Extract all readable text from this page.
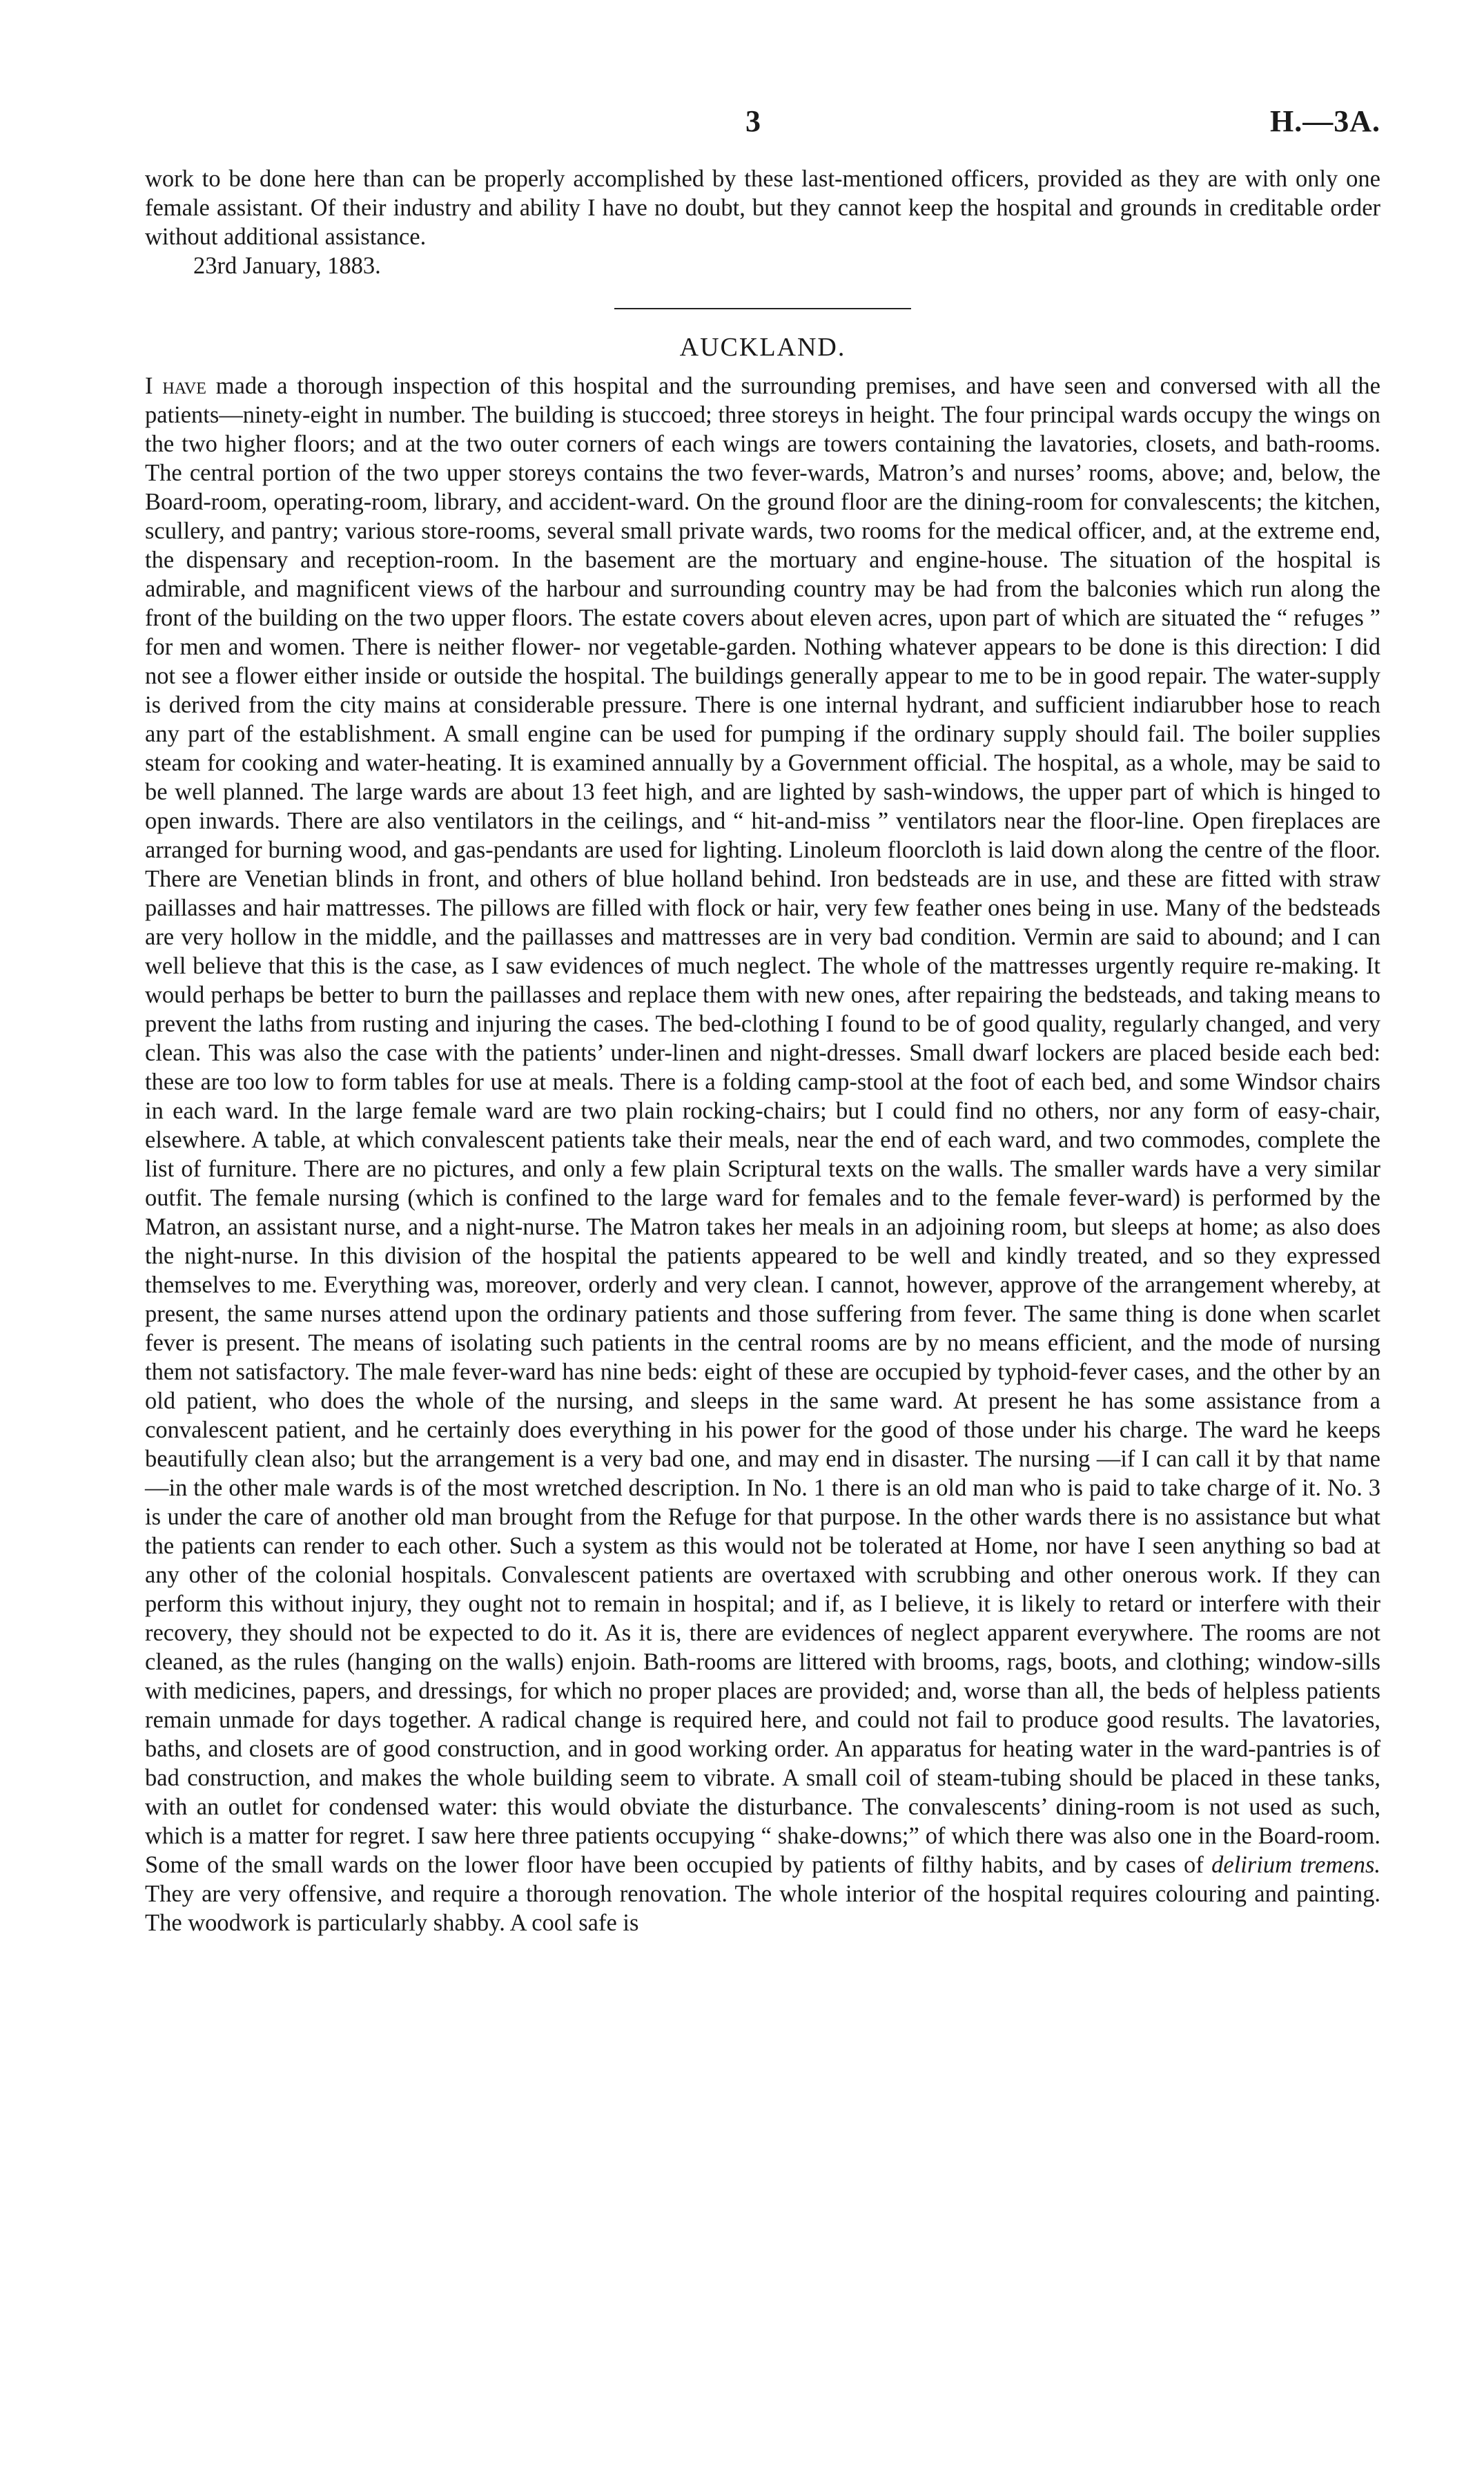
3	H.—3A.

work to be done here than can be properly accomplished by these last-mentioned officers, provided as they are with only one female assistant. Of their industry and ability I have no doubt, but they cannot keep the hospital and grounds in creditable order without additional assistance.

23rd January, 1883.

AUCKLAND.

I have made a thorough inspection of this hospital and the surrounding premises, and have seen and conversed with all the patients—ninety-eight in number. The building is stuccoed; three storeys in height. The four principal wards occupy the wings on the two higher floors; and at the two outer corners of each wings are towers containing the lavatories, closets, and bath-rooms. The central portion of the two upper storeys contains the two fever-wards, Matron’s and nurses’ rooms, above; and, below, the Board-room, operating-room, library, and accident-ward. On the ground floor are the dining-room for convalescents; the kitchen, scullery, and pantry; various store-rooms, several small private wards, two rooms for the medical officer, and, at the extreme end, the dispensary and reception-room. In the basement are the mortuary and engine-house. The situation of the hospital is admirable, and magnificent views of the harbour and surrounding country may be had from the balconies which run along the front of the building on the two upper floors. The estate covers about eleven acres, upon part of which are situated the “ refuges ” for men and women. There is neither flower- nor vegetable-garden. Nothing whatever appears to be done is this direction: I did not see a flower either inside or outside the hospital. The buildings generally appear to me to be in good repair. The water-supply is derived from the city mains at considerable pressure. There is one internal hydrant, and sufficient indiarubber hose to reach any part of the establishment. A small engine can be used for pumping if the ordinary supply should fail. The boiler supplies steam for cooking and water-heating. It is examined annually by a Government official. The hospital, as a whole, may be said to be well planned. The large wards are about 13 feet high, and are lighted by sash-windows, the upper part of which is hinged to open inwards. There are also ventilators in the ceilings, and “ hit-and-miss ” ventilators near the floor-line. Open fireplaces are arranged for burning wood, and gas-pendants are used for lighting. Linoleum floorcloth is laid down along the centre of the floor. There are Venetian blinds in front, and others of blue holland behind. Iron bedsteads are in use, and these are fitted with straw paillasses and hair mattresses. The pillows are filled with flock or hair, very few feather ones being in use. Many of the bedsteads are very hollow in the middle, and the paillasses and mattresses are in very bad condition. Vermin are said to abound; and I can well believe that this is the case, as I saw evidences of much neglect. The whole of the mattresses urgently require re-making. It would perhaps be better to burn the paillasses and replace them with new ones, after repairing the bedsteads, and taking means to prevent the laths from rusting and injuring the cases. The bed-clothing I found to be of good quality, regularly changed, and very clean. This was also the case with the patients’ under-linen and night-dresses. Small dwarf lockers are placed beside each bed: these are too low to form tables for use at meals. There is a folding camp-stool at the foot of each bed, and some Windsor chairs in each ward. In the large female ward are two plain rocking-chairs; but I could find no others, nor any form of easy-chair, elsewhere. A table, at which convalescent patients take their meals, near the end of each ward, and two commodes, complete the list of furniture. There are no pictures, and only a few plain Scriptural texts on the walls. The smaller wards have a very similar outfit. The female nursing (which is confined to the large ward for females and to the female fever-ward) is performed by the Matron, an assistant nurse, and a night-nurse. The Matron takes her meals in an adjoining room, but sleeps at home; as also does the night-nurse. In this division of the hospital the patients appeared to be well and kindly treated, and so they expressed themselves to me. Everything was, moreover, orderly and very clean. I cannot, however, approve of the arrangement whereby, at present, the same nurses attend upon the ordinary patients and those suffering from fever. The same thing is done when scarlet fever is present. The means of isolating such patients in the central rooms are by no means efficient, and the mode of nursing them not satisfactory. The male fever-ward has nine beds: eight of these are occupied by typhoid-fever cases, and the other by an old patient, who does the whole of the nursing, and sleeps in the same ward. At present he has some assistance from a convalescent patient, and he certainly does everything in his power for the good of those under his charge. The ward he keeps beautifully clean also; but the arrangement is a very bad one, and may end in disaster. The nursing —if I can call it by that name—in the other male wards is of the most wretched description. In No. 1 there is an old man who is paid to take charge of it. No. 3 is under the care of another old man brought from the Refuge for that purpose. In the other wards there is no assistance but what the patients can render to each other. Such a system as this would not be tolerated at Home, nor have I seen anything so bad at any other of the colonial hospitals. Convalescent patients are overtaxed with scrubbing and other onerous work. If they can perform this without injury, they ought not to remain in hospital; and if, as I believe, it is likely to retard or interfere with their recovery, they should not be expected to do it. As it is, there are evidences of neglect apparent everywhere. The rooms are not cleaned, as the rules (hanging on the walls) enjoin. Bath-rooms are littered with brooms, rags, boots, and clothing; window-sills with medicines, papers, and dressings, for which no proper places are provided; and, worse than all, the beds of helpless patients remain unmade for days together. A radical change is required here, and could not fail to produce good results. The lavatories, baths, and closets are of good construction, and in good working order. An apparatus for heating water in the ward-pantries is of bad construction, and makes the whole building seem to vibrate. A small coil of steam-tubing should be placed in these tanks, with an outlet for condensed water: this would obviate the disturbance. The convalescents’ dining-room is not used as such, which is a matter for regret. I saw here three patients occupying “ shake-downs;” of which there was also one in the Board-room. Some of the small wards on the lower floor have been occupied by patients of filthy habits, and by cases of delirium tremens. They are very offensive, and require a thorough renovation. The whole interior of the hospital requires colouring and painting. The woodwork is particularly shabby. A cool safe is
